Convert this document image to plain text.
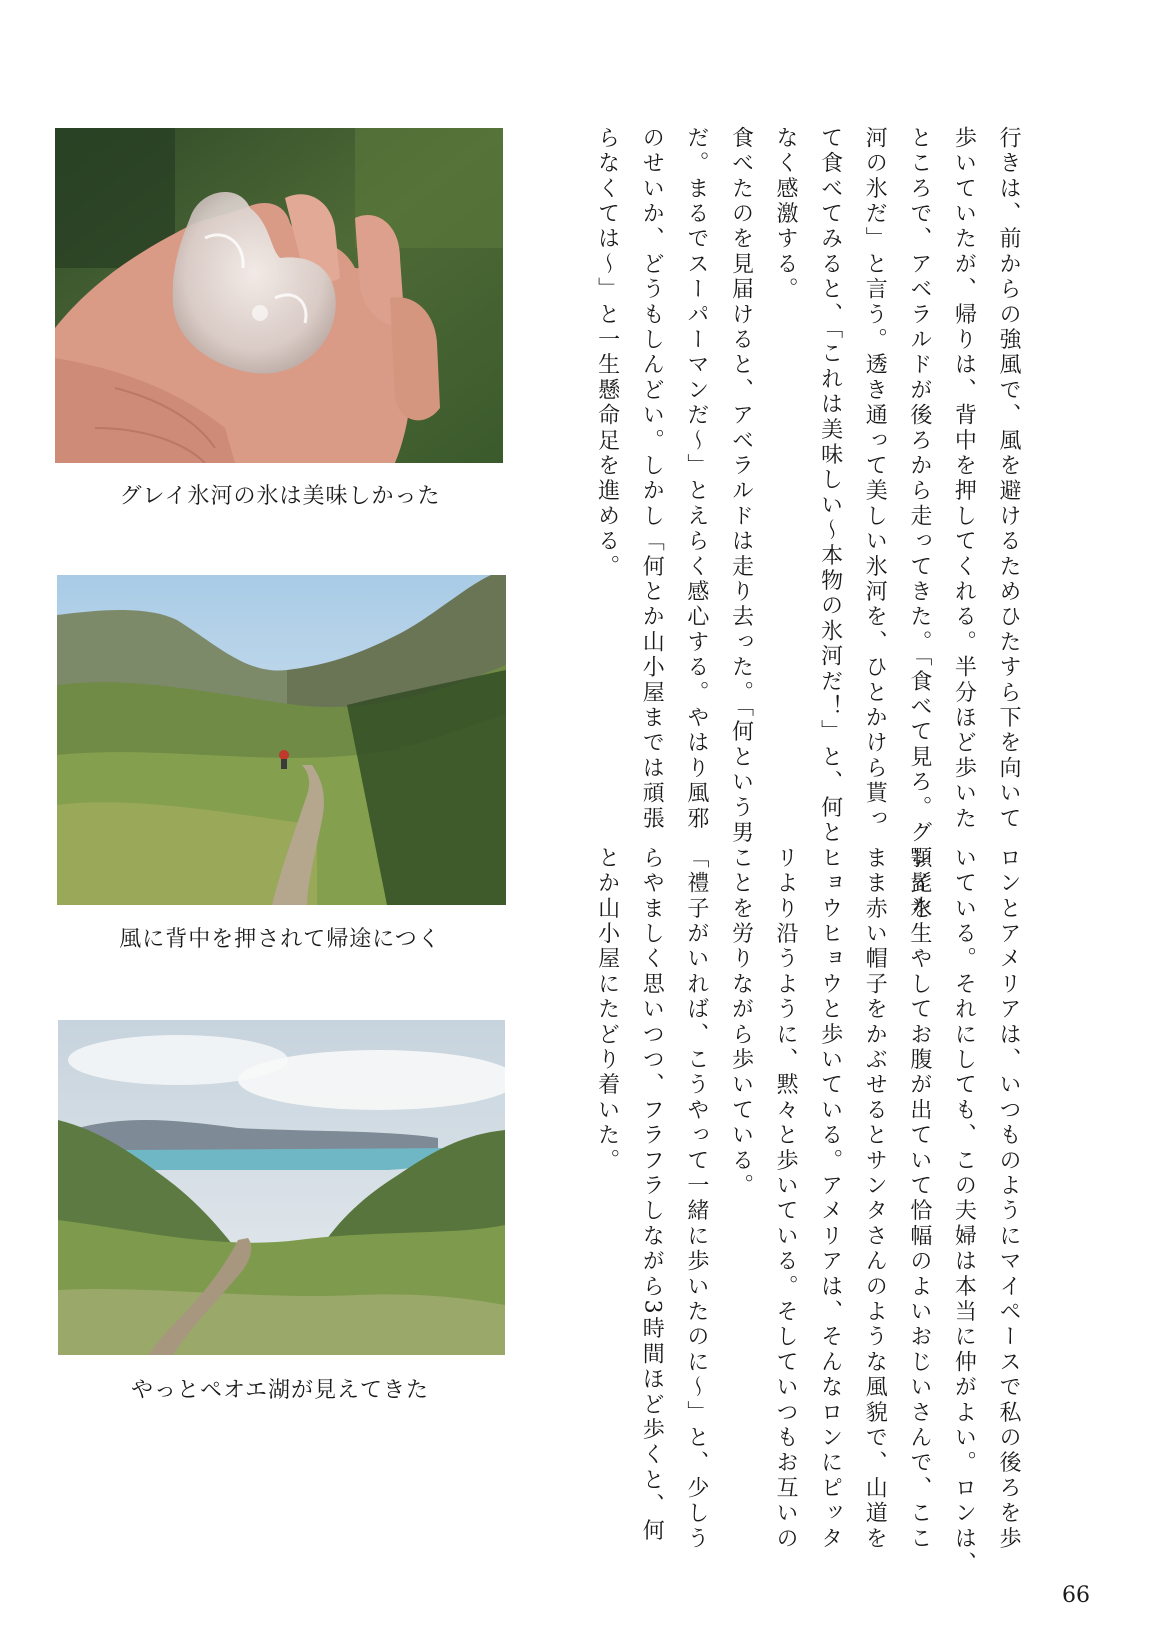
グレイ氷河の氷は美味しかった
風に背中を押されて帰途につく
やっとペオエ湖が見えてきた

行きは、前からの強風で、風を避けるためひたすら下を向いて

歩いていたが、帰りは、背中を押してくれる。半分ほど歩いた

ところで、アベラルドが後ろから走ってきた。「食べて見ろ。グレイ氷

河の氷だ」と言う。透き通って美しい氷河を、ひとかけら貰っ

て食べてみると、「これは美味しい～本物の氷河だ！」と、何と

なく感激する。

食べたのを見届けると、アベラルドは走り去った。「何という男

だ。まるでスーパーマンだ～」とえらく感心する。やはり風邪

のせいか、どうもしんどい。しかし「何とか山小屋までは頑張

らなくては～」と一生懸命足を進める。

ロンとアメリアは、いつものようにマイペースで私の後ろを歩

いている。それにしても、この夫婦は本当に仲がよい。ロンは、

顎髭を生やしてお腹が出ていて恰幅のよいおじいさんで、ここ

まま赤い帽子をかぶせるとサンタさんのような風貌で、山道を

ヒョウヒョウと歩いている。アメリアは、そんなロンにピッタ

リより沿うように、黙々と歩いている。そしていつもお互いの

ことを労りながら歩いている。

「禮子がいれば、こうやって一緒に歩いたのに～」と、少しう

らやましく思いつつ、フラフラしながら3時間ほど歩くと、何

とか山小屋にたどり着いた。

66
